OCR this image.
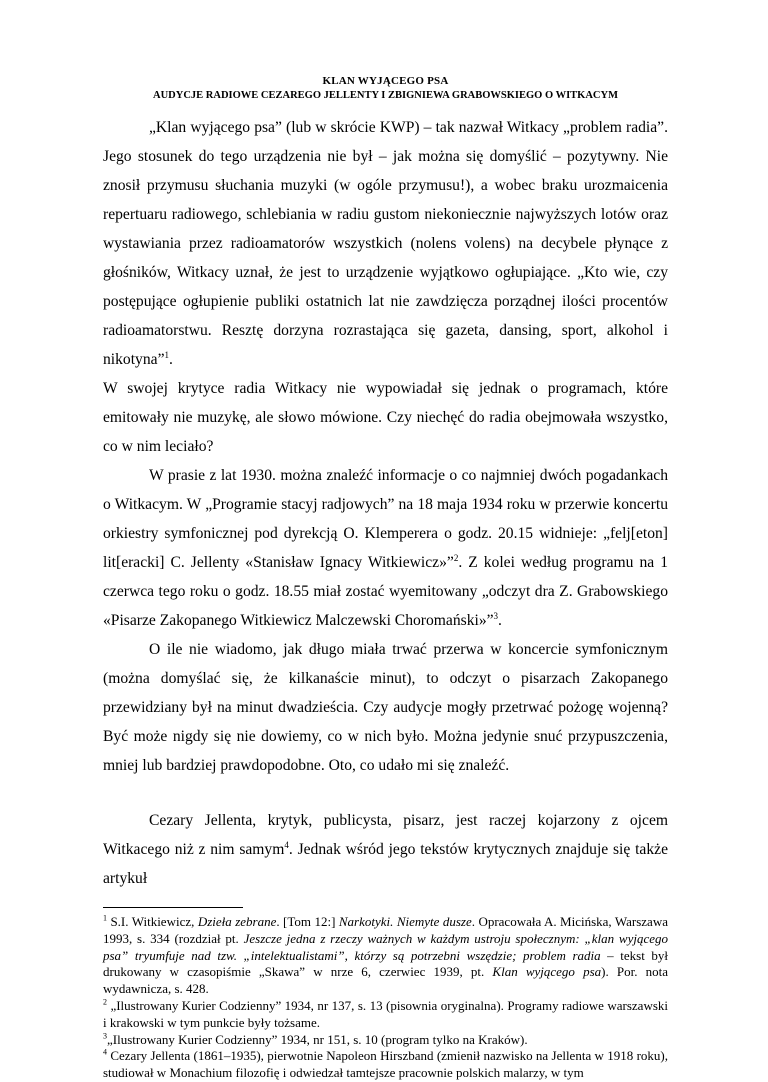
KLAN WYJĄCEGO PSA

AUDYCJE RADIOWE CEZAREGO JELLENTY I ZBIGNIEWA GRABOWSKIEGO O WITKACYM

„Klan wyjącego psa” (lub w skrócie KWP) – tak nazwał Witkacy „problem radia”. Jego stosunek do tego urządzenia nie był – jak można się domyślić – pozytywny. Nie znosił przymusu słuchania muzyki (w ogóle przymusu!), a wobec braku urozmaicenia repertuaru radiowego, schlebiania w radiu gustom niekoniecznie najwyższych lotów oraz wystawiania przez radioamatorów wszystkich (nolens volens) na decybele płynące z głośników, Witkacy uznał, że jest to urządzenie wyjątkowo ogłupiające. „Kto wie, czy postępujące ogłupienie publiki ostatnich lat nie zawdzięcza porządnej ilości procentów radioamatorstwu. Resztę dorzyna rozrastająca się gazeta, dansing, sport, alkohol i nikotyna”$^1$.

W swojej krytyce radia Witkacy nie wypowiadał się jednak o programach, które emitowały nie muzykę, ale słowo mówione. Czy niechęć do radia obejmowała wszystko, co w nim leciało?

W prasie z lat 1930. można znaleźć informacje o co najmniej dwóch pogadankach o Witkacym. W „Programie stacyj radjowych” na 18 maja 1934 roku w przerwie koncertu orkiestry symfonicznej pod dyrekcją O. Klemperera o godz. 20.15 widnieje: „felj[eton] lit[eracki] C. Jellenty «Stanisław Ignacy Witkiewicz»”$^2$. Z kolei według programu na 1 czerwca tego roku o godz. 18.55 miał zostać wyemitowany „odczyt dra Z. Grabowskiego «Pisarze Zakopanego Witkiewicz Malczewski Choromański»”$^3$.

O ile nie wiadomo, jak długo miała trwać przerwa w koncercie symfonicznym (można domyślać się, że kilkanaście minut), to odczyt o pisarzach Zakopanego przewidziany był na minut dwadzieścia. Czy audycje mogły przetrwać pożogę wojenną? Być może nigdy się nie dowiemy, co w nich było. Można jedynie snuć przypuszczenia, mniej lub bardziej prawdopodobne. Oto, co udało mi się znaleźć.

Cezary Jellenta, krytyk, publicysta, pisarz, jest raczej kojarzony z ojcem Witkacego niż z nim samym$^4$. Jednak wśród jego tekstów krytycznych znajduje się także artykuł

$^1$ S.I. Witkiewicz, Dzieła zebrane. [Tom 12:] Narkotyki. Niemyte dusze. Opracowała A. Micińska, Warszawa 1993, s. 334 (rozdział pt. Jeszcze jedna z rzeczy ważnych w każdym ustroju społecznym: „klan wyjącego psa” tryumfuje nad tzw. „intelektualistami”, którzy są potrzebni wszędzie; problem radia – tekst był drukowany w czasopiśmie „Skawa” w nrze 6, czerwiec 1939, pt. Klan wyjącego psa). Por. nota wydawnicza, s. 428.

$^2$ „Ilustrowany Kurier Codzienny” 1934, nr 137, s. 13 (pisownia oryginalna). Programy radiowe warszawski i krakowski w tym punkcie były tożsame.

$^3$„Ilustrowany Kurier Codzienny” 1934, nr 151, s. 10 (program tylko na Kraków).

$^4$ Cezary Jellenta (1861–1935), pierwotnie Napoleon Hirszband (zmienił nazwisko na Jellenta w 1918 roku), studiował w Monachium filozofię i odwiedzał tamtejsze pracownie polskich malarzy, w tym
